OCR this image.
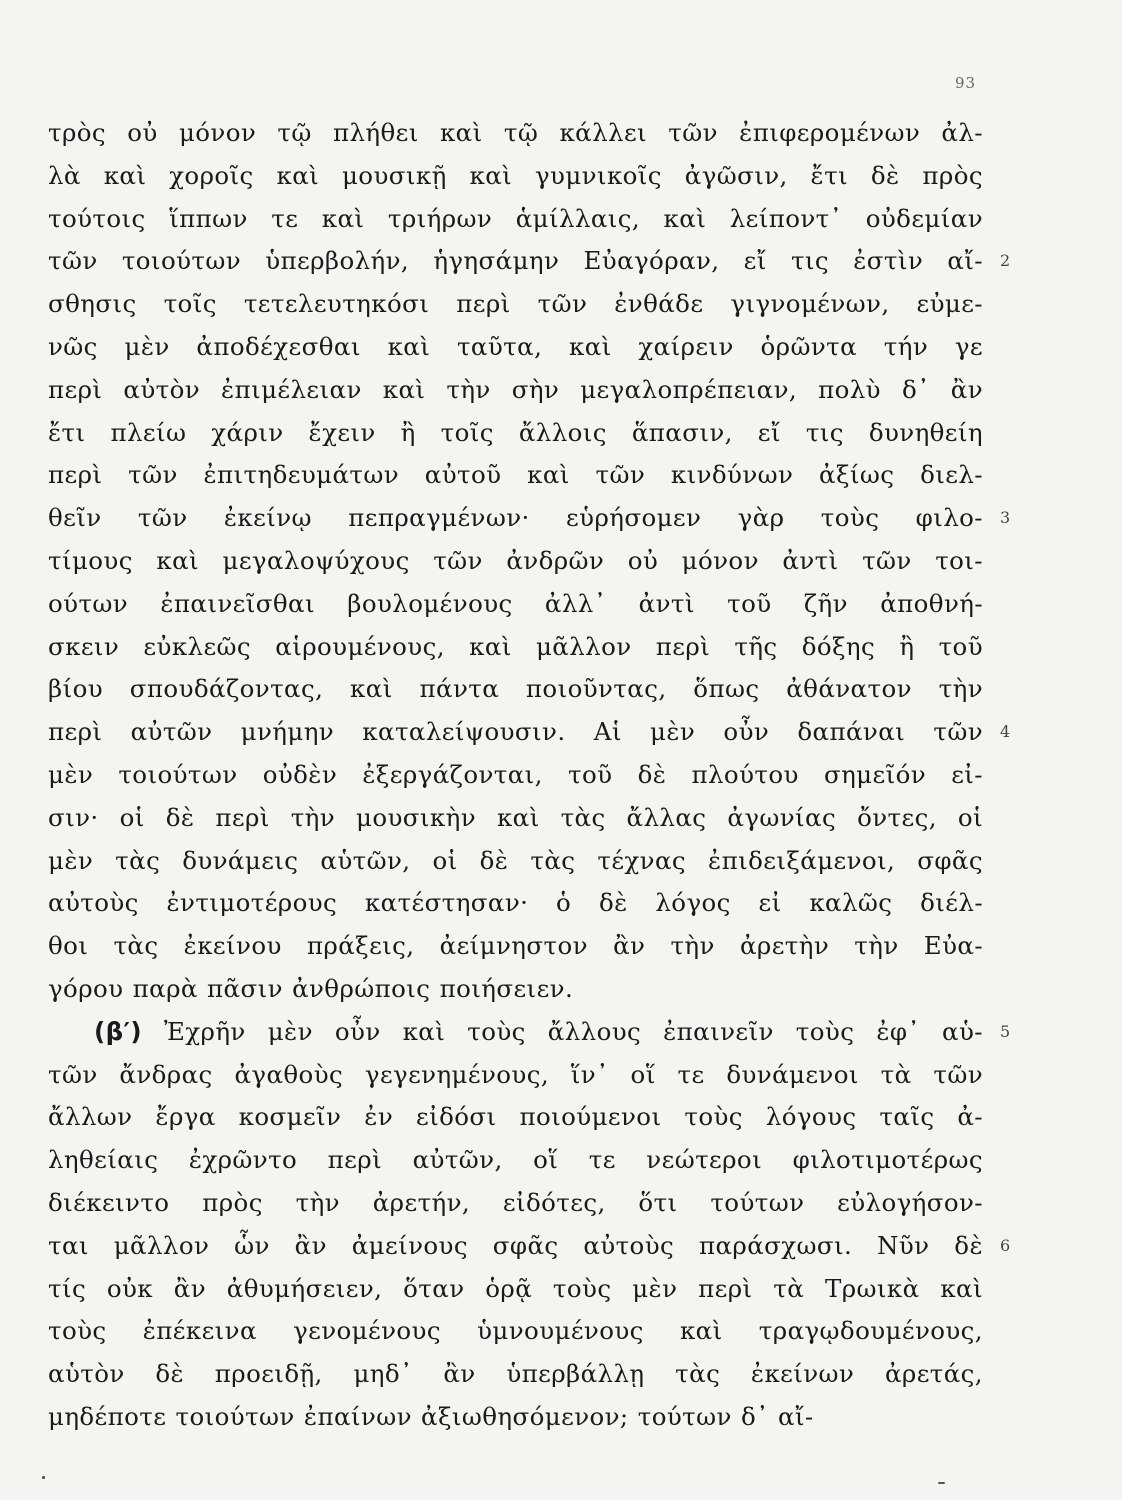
93
τρὸς οὐ μόνον τῷ πλήθει καὶ τῷ κάλλει τῶν ἐπιφερομένων ἀλ-
λὰ καὶ χοροῖς καὶ μουσικῇ καὶ γυμνικοῖς ἀγῶσιν, ἔτι δὲ πρὸς
τούτοις ἵππων τε καὶ τριήρων ἁμίλλαις, καὶ λείποντ᾽ οὐδεμίαν
τῶν τοιούτων ὑπερβολήν, ἡγησάμην Εὐαγόραν, εἴ τις ἐστὶν αἴ-
σθησις τοῖς τετελευτηκόσι περὶ τῶν ἐνθάδε γιγνομένων, εὐμε-
νῶς μὲν ἀποδέχεσθαι καὶ ταῦτα, καὶ χαίρειν ὁρῶντα τήν γε
περὶ αὐτὸν ἐπιμέλειαν καὶ τὴν σὴν μεγαλοπρέπειαν, πολὺ δ᾽ ἂν
ἔτι πλείω χάριν ἔχειν ἢ τοῖς ἄλλοις ἅπασιν, εἴ τις δυνηθείη
περὶ τῶν ἐπιτηδευμάτων αὐτοῦ καὶ τῶν κινδύνων ἀξίως διελ-
θεῖν τῶν ἐκείνῳ πεπραγμένων· εὑρήσομεν γὰρ τοὺς φιλο-
τίμους καὶ μεγαλοψύχους τῶν ἀνδρῶν οὐ μόνον ἀντὶ τῶν τοι-
ούτων ἐπαινεῖσθαι βουλομένους ἀλλ᾽ ἀντὶ τοῦ ζῆν ἀποθνή-
σκειν εὐκλεῶς αἱρουμένους, καὶ μᾶλλον περὶ τῆς δόξης ἢ τοῦ
βίου σπουδάζοντας, καὶ πάντα ποιοῦντας, ὅπως ἀθάνατον τὴν
περὶ αὐτῶν μνήμην καταλείψουσιν. Αἱ μὲν οὖν δαπάναι τῶν
μὲν τοιούτων οὐδὲν ἐξεργάζονται, τοῦ δὲ πλούτου σημεῖόν εἰ-
σιν· οἱ δὲ περὶ τὴν μουσικὴν καὶ τὰς ἄλλας ἀγωνίας ὄντες, οἱ
μὲν τὰς δυνάμεις αὑτῶν, οἱ δὲ τὰς τέχνας ἐπιδειξάμενοι, σφᾶς
αὐτοὺς ἐντιμοτέρους κατέστησαν· ὁ δὲ λόγος εἰ καλῶς διέλ-
θοι τὰς ἐκείνου πράξεις, ἀείμνηστον ἂν τὴν ἀρετὴν τὴν Εὐα-
γόρου παρὰ πᾶσιν ἀνθρώποις ποιήσειεν.
(β′) Ἐχρῆν μὲν οὖν καὶ τοὺς ἄλλους ἐπαινεῖν τοὺς ἐφ᾽ αὑ-
τῶν ἄνδρας ἀγαθοὺς γεγενημένους, ἵν᾽ οἵ τε δυνάμενοι τὰ τῶν
ἄλλων ἔργα κοσμεῖν ἐν εἰδόσι ποιούμενοι τοὺς λόγους ταῖς ἀ-
ληθείαις ἐχρῶντο περὶ αὐτῶν, οἵ τε νεώτεροι φιλοτιμοτέρως
διέκειντο πρὸς τὴν ἀρετήν, εἰδότες, ὅτι τούτων εὐλογήσον-
ται μᾶλλον ὧν ἂν ἀμείνους σφᾶς αὐτοὺς παράσχωσι. Νῦν δὲ
τίς οὐκ ἂν ἀθυμήσειεν, ὅταν ὁρᾷ τοὺς μὲν περὶ τὰ Τρωικὰ καὶ
τοὺς ἐπέκεινα γενομένους ὑμνουμένους καὶ τραγῳδουμένους,
αὑτὸν δὲ προειδῇ, μηδ᾽ ἂν ὑπερβάλλῃ τὰς ἐκείνων ἀρετάς,
μηδέποτε τοιούτων ἐπαίνων ἀξιωθησόμενον; τούτων δ᾽ αἴ-
2
3
4
5
6
